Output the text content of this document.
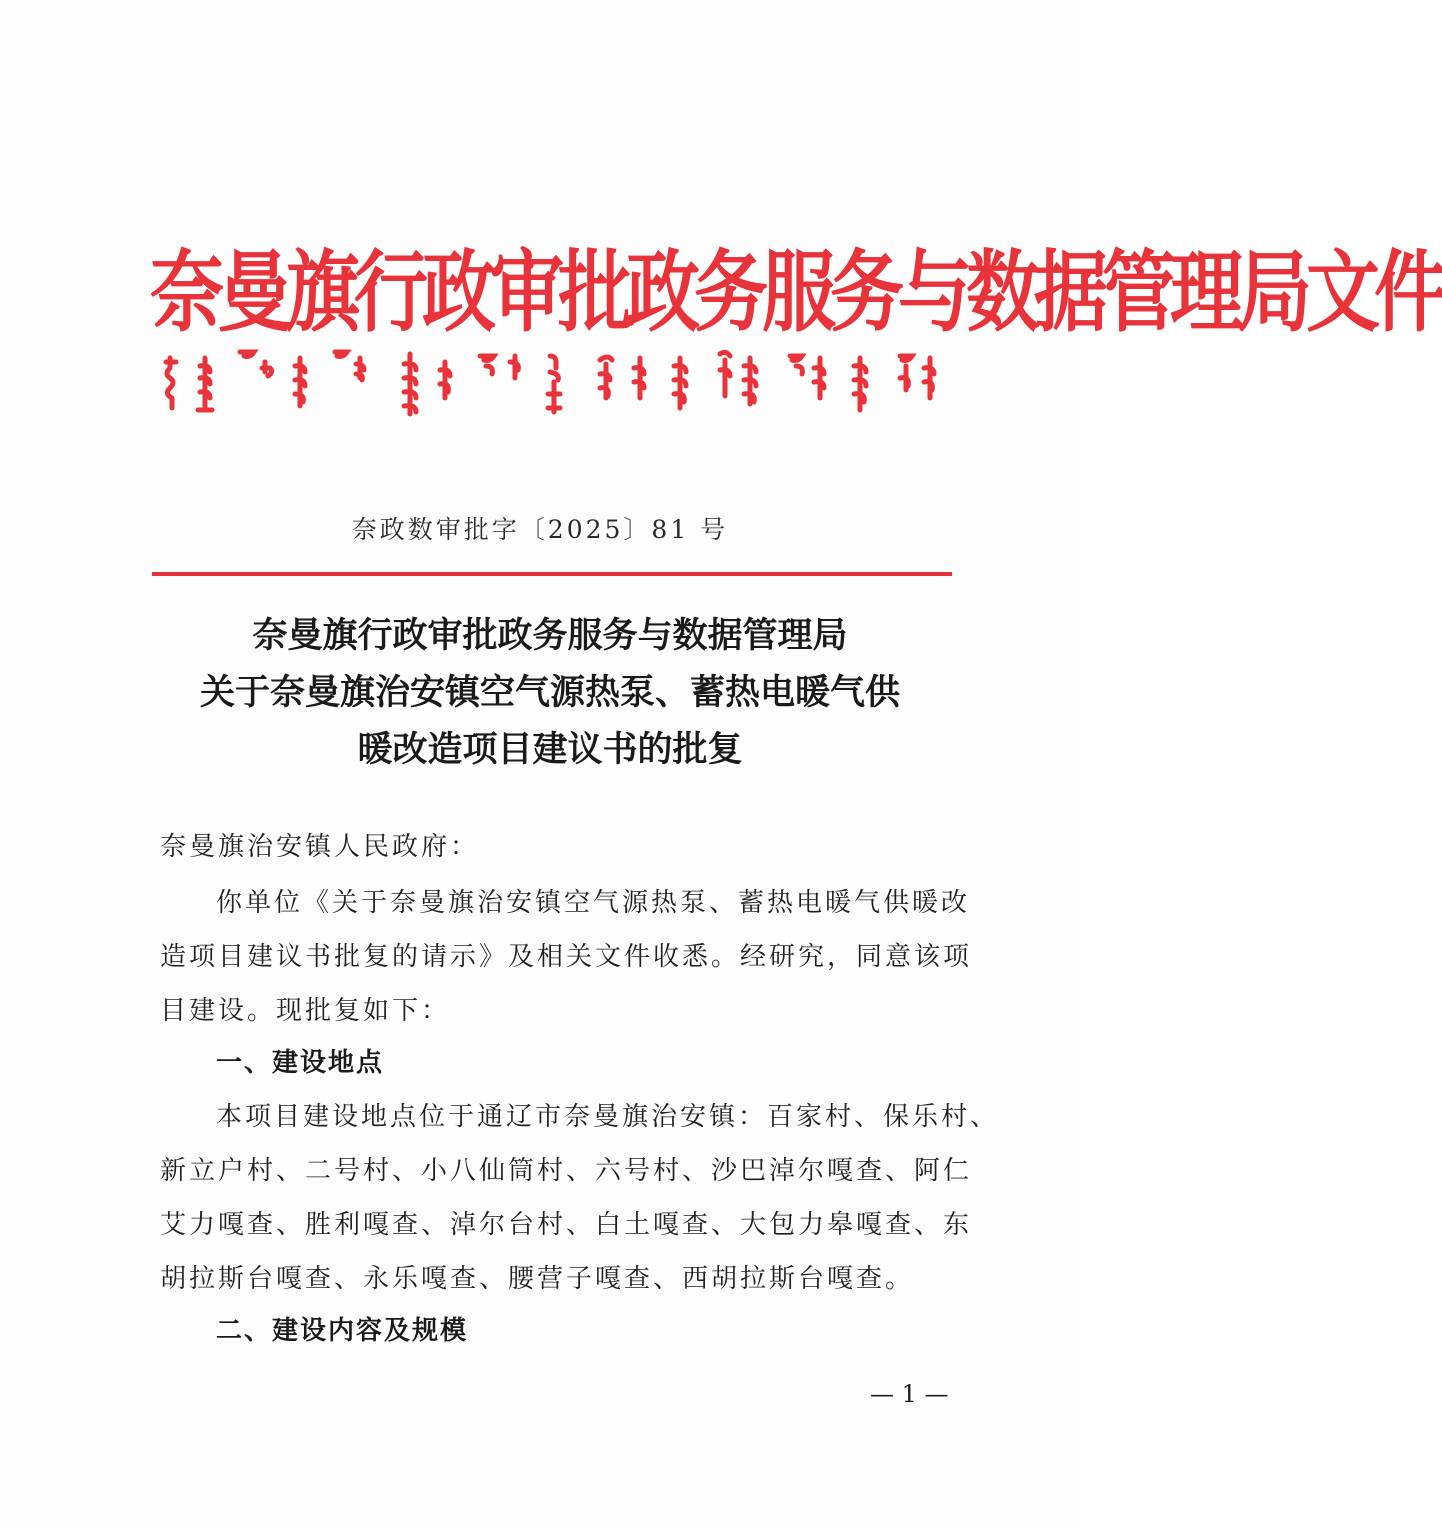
奈曼旗行政审批政务服务与数据管理局文件
奈政数审批字〔2025〕81 号
奈曼旗行政审批政务服务与数据管理局
关于奈曼旗治安镇空气源热泵、蓄热电暖气供
暖改造项目建议书的批复
奈曼旗治安镇人民政府：
你单位《关于奈曼旗治安镇空气源热泵、蓄热电暖气供暖改
造项目建议书批复的请示》及相关文件收悉。经研究，同意该项
目建设。现批复如下：
一、建设地点
本项目建设地点位于通辽市奈曼旗治安镇：百家村、保乐村、
新立户村、二号村、小八仙筒村、六号村、沙巴淖尔嘎查、阿仁
艾力嘎查、胜利嘎查、淖尔台村、白土嘎查、大包力皋嘎查、东
胡拉斯台嘎查、永乐嘎查、腰营子嘎查、西胡拉斯台嘎查。
二、建设内容及规模
— 1 —
